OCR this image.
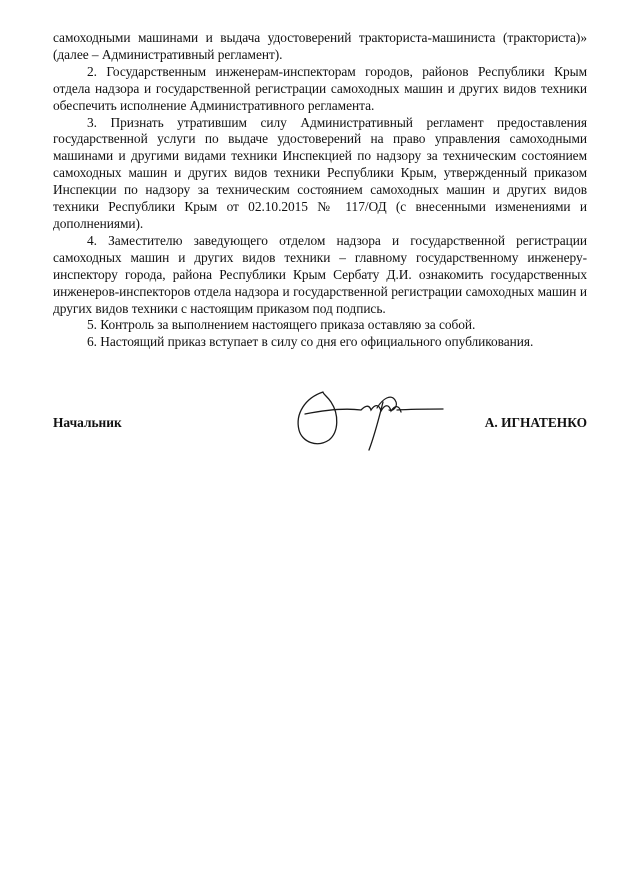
самоходными машинами и выдача удостоверений тракториста-машиниста (тракториста)» (далее – Административный регламент).

2. Государственным инженерам-инспекторам городов, районов Республики Крым отдела надзора и государственной регистрации самоходных машин и других видов техники обеспечить исполнение Административного регламента.

3. Признать утратившим силу Административный регламент предоставления государственной услуги по выдаче удостоверений на право управления самоходными машинами и другими видами техники Инспекцией по надзору за техническим состоянием самоходных машин и других видов техники Республики Крым, утвержденный приказом Инспекции по надзору за техническим состоянием самоходных машин и других видов техники Республики Крым от 02.10.2015 № 117/ОД (с внесенными изменениями и дополнениями).

4. Заместителю заведующего отделом надзора и государственной регистрации самоходных машин и других видов техники – главному государственному инженеру-инспектору города, района Республики Крым Сербату Д.И. ознакомить государственных инженеров-инспекторов отдела надзора и государственной регистрации самоходных машин и других видов техники с настоящим приказом под подпись.

5. Контроль за выполнением настоящего приказа оставляю за собой.

6. Настоящий приказ вступает в силу со дня его официального опубликования.

Начальник	А. ИГНАТЕНКО
